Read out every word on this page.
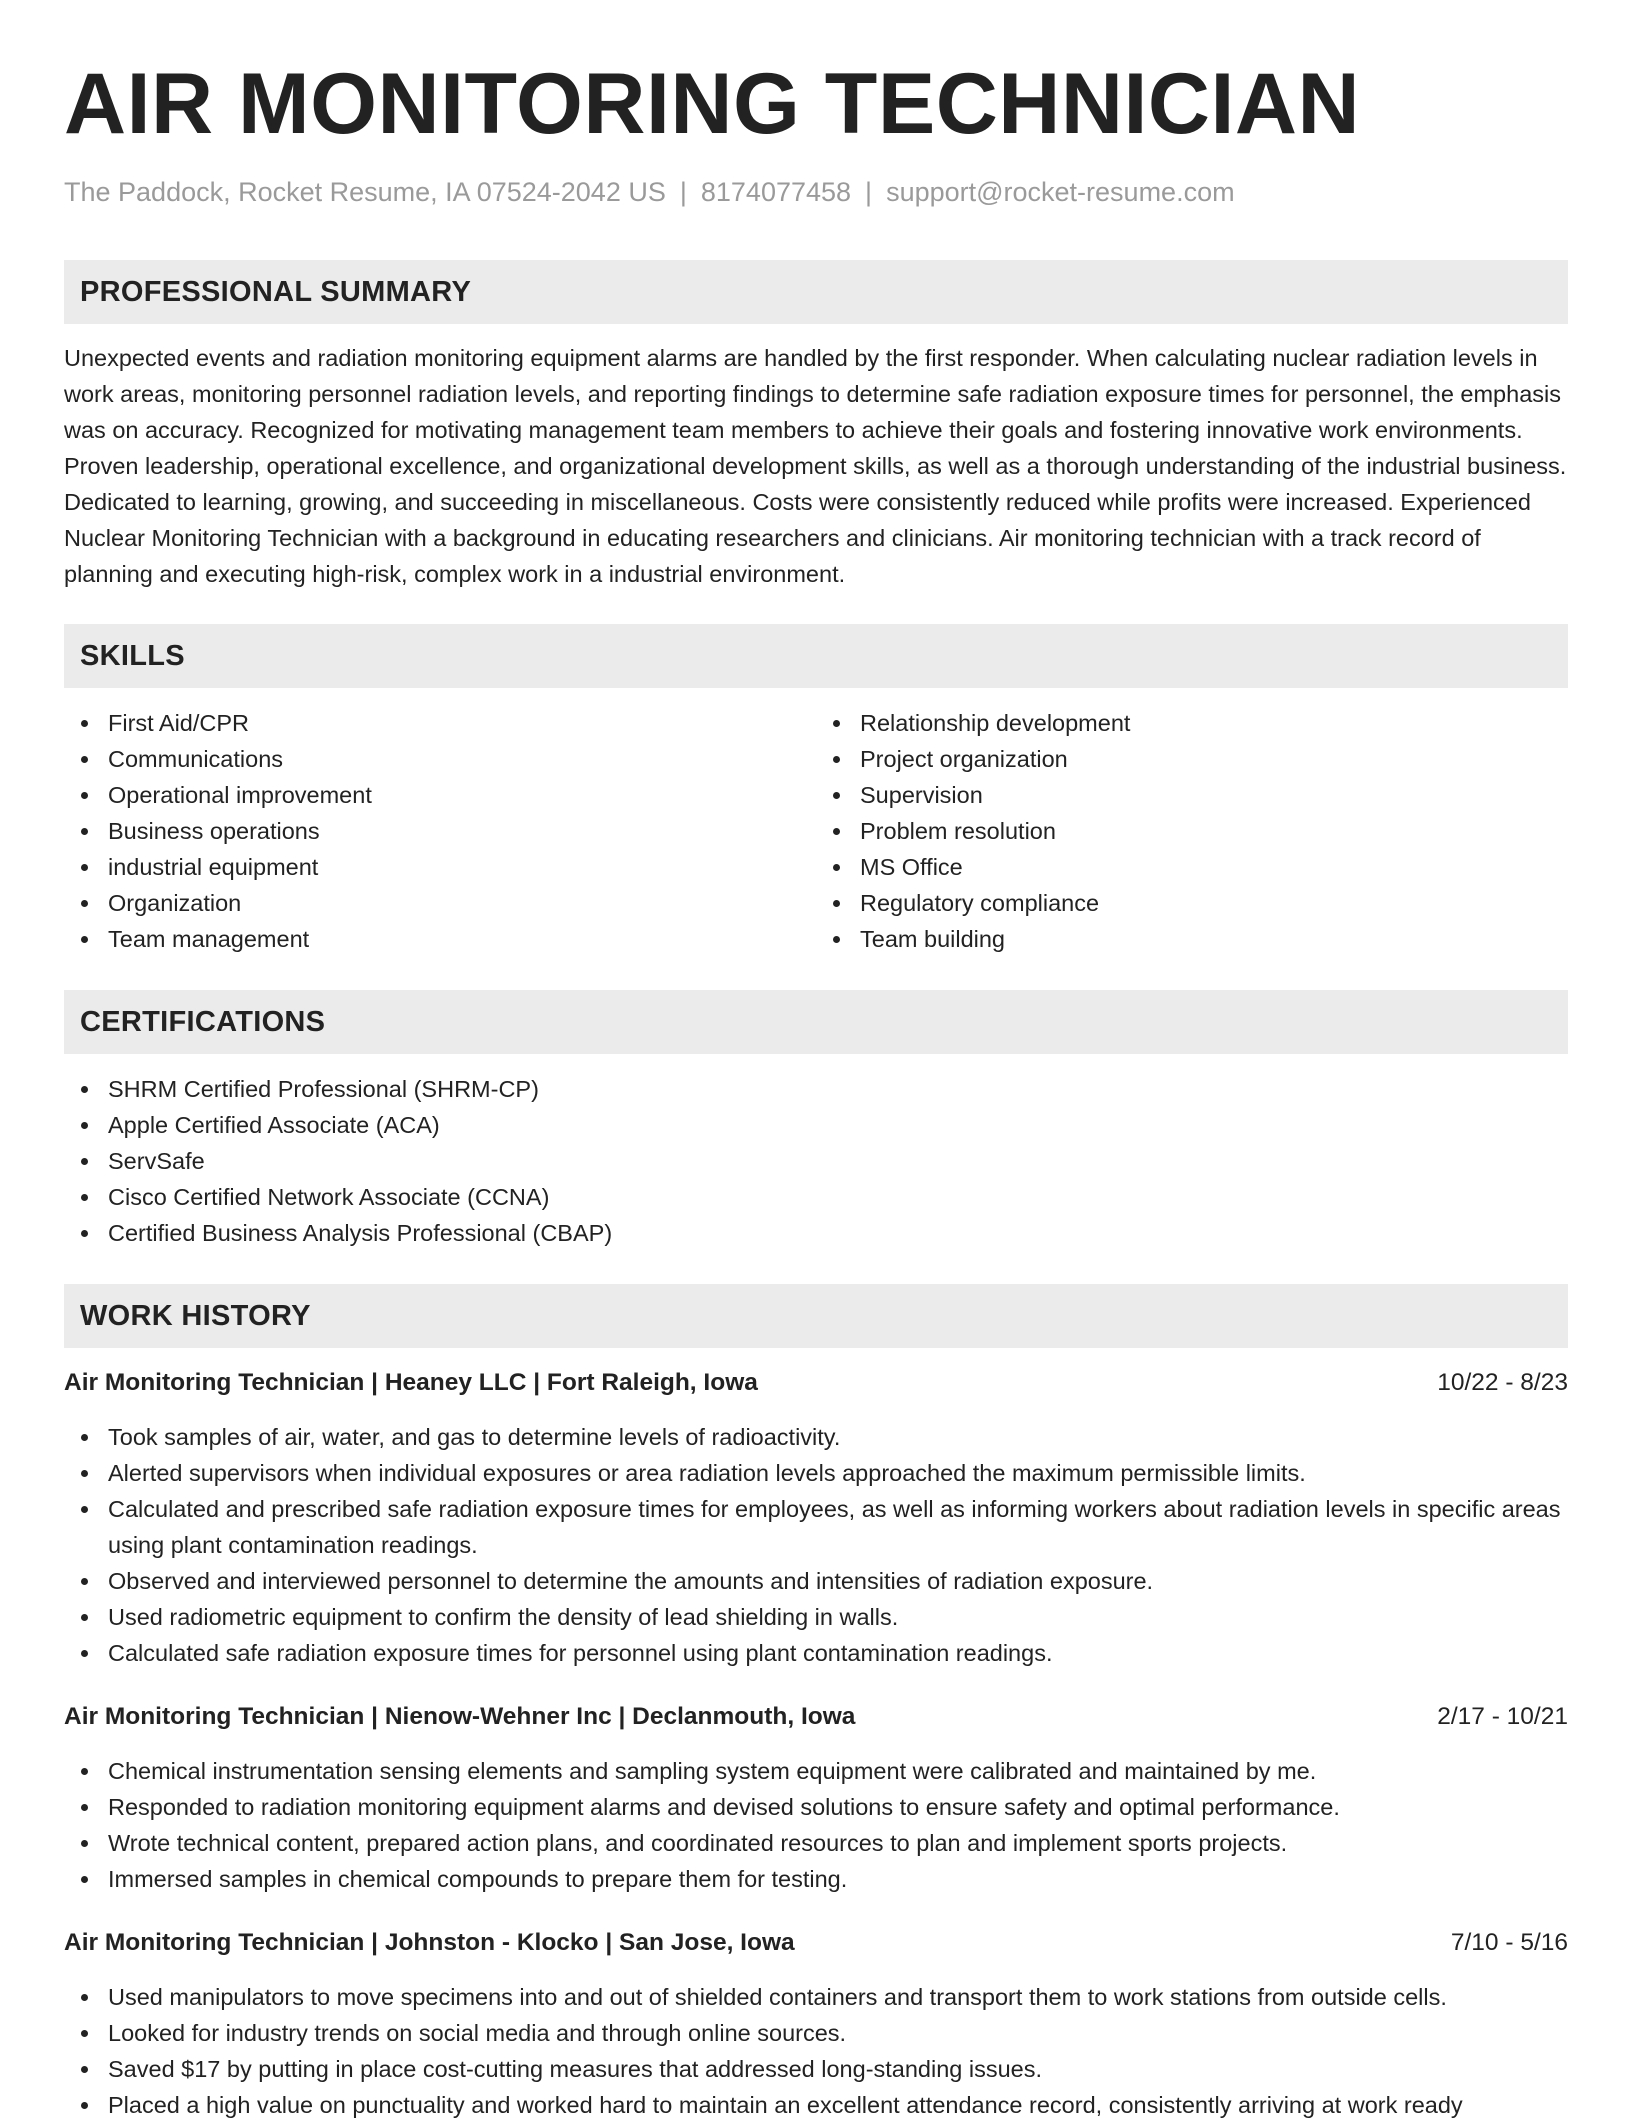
AIR MONITORING TECHNICIAN
The Paddock, Rocket Resume, IA 07524-2042 US | 8174077458 | support@rocket-resume.com
PROFESSIONAL SUMMARY

Unexpected events and radiation monitoring equipment alarms are handled by the first responder. When calculating nuclear radiation levels in work areas, monitoring personnel radiation levels, and reporting findings to determine safe radiation exposure times for personnel, the emphasis was on accuracy. Recognized for motivating management team members to achieve their goals and fostering innovative work environments. Proven leadership, operational excellence, and organizational development skills, as well as a thorough understanding of the industrial business. Dedicated to learning, growing, and succeeding in miscellaneous. Costs were consistently reduced while profits were increased. Experienced Nuclear Monitoring Technician with a background in educating researchers and clinicians. Air monitoring technician with a track record of planning and executing high-risk, complex work in a industrial environment.

SKILLS
First Aid/CPR
Communications
Operational improvement
Business operations
industrial equipment
Organization
Team management
Relationship development
Project organization
Supervision
Problem resolution
MS Office
Regulatory compliance
Team building
CERTIFICATIONS
SHRM Certified Professional (SHRM-CP)
Apple Certified Associate (ACA)
ServSafe
Cisco Certified Network Associate (CCNA)
Certified Business Analysis Professional (CBAP)
WORK HISTORY
Air Monitoring Technician | Heaney LLC | Fort Raleigh, Iowa	10/22 - 8/23
Took samples of air, water, and gas to determine levels of radioactivity.
Alerted supervisors when individual exposures or area radiation levels approached the maximum permissible limits.
Calculated and prescribed safe radiation exposure times for employees, as well as informing workers about radiation levels in specific areas using plant contamination readings.
Observed and interviewed personnel to determine the amounts and intensities of radiation exposure.
Used radiometric equipment to confirm the density of lead shielding in walls.
Calculated safe radiation exposure times for personnel using plant contamination readings.
Air Monitoring Technician | Nienow-Wehner Inc | Declanmouth, Iowa	2/17 - 10/21
Chemical instrumentation sensing elements and sampling system equipment were calibrated and maintained by me.
Responded to radiation monitoring equipment alarms and devised solutions to ensure safety and optimal performance.
Wrote technical content, prepared action plans, and coordinated resources to plan and implement sports projects.
Immersed samples in chemical compounds to prepare them for testing.
Air Monitoring Technician | Johnston - Klocko | San Jose, Iowa	7/10 - 5/16
Used manipulators to move specimens into and out of shielded containers and transport them to work stations from outside cells.
Looked for industry trends on social media and through online sources.
Saved $17 by putting in place cost-cutting measures that addressed long-standing issues.
Placed a high value on punctuality and worked hard to maintain an excellent attendance record, consistently arriving at work ready
